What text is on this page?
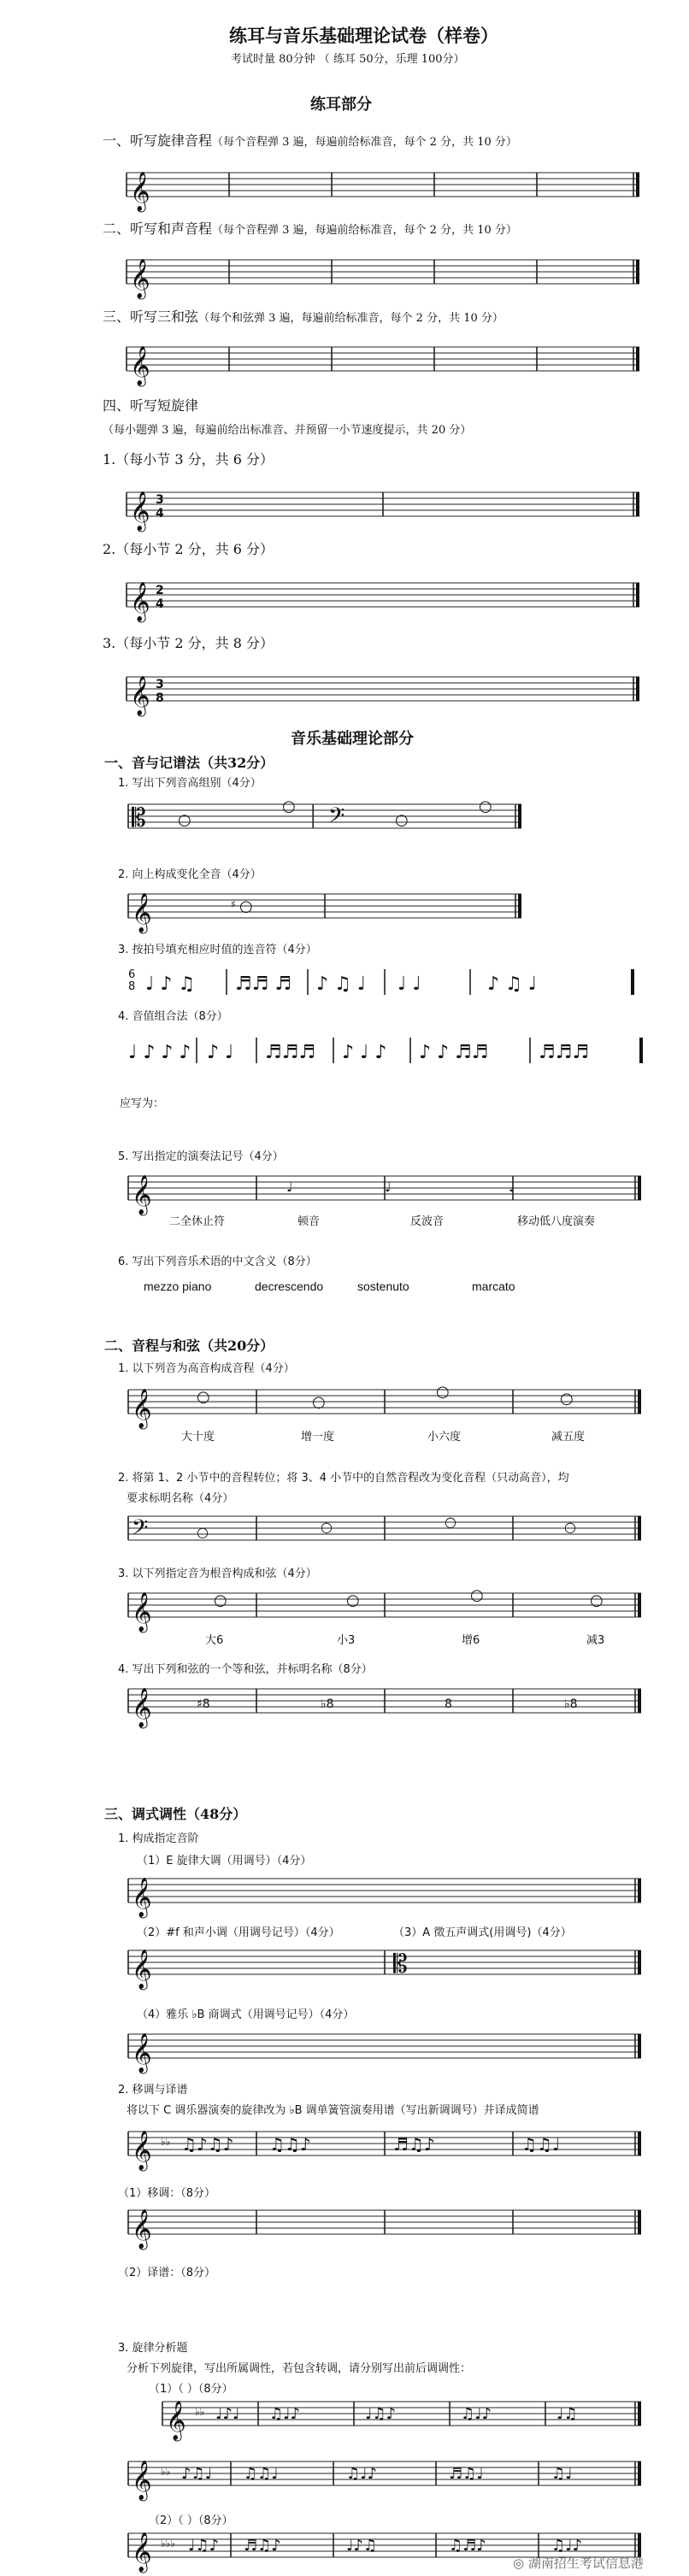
练耳与音乐基础理论试卷（样卷）
考试时量 80分钟 （ 练耳 50分，乐理 100分）
练耳部分
一、听写旋律音程（每个音程弹 3 遍，每遍前给标准音，每个 2 分，共 10 分）
𝄞
二、听写和声音程（每个音程弹 3 遍，每遍前给标准音，每个 2 分，共 10 分）
𝄞
三、听写三和弦（每个和弦弹 3 遍，每遍前给标准音，每个 2 分，共 10 分）
𝄞
四、听写短旋律
（每小题弹 3 遍，每遍前给出标准音、并预留一小节速度提示，共 20 分）
1.（每小节 3 分，共 6 分）
𝄞 3
4
2.（每小节 2 分，共 6 分）
𝄞 2
4
3.（每小节 2 分，共 8 分）
𝄞 3
8
音乐基础理论部分
一、音与记谱法（共32分）
1. 写出下列音高组别（4分）
𝄡	𝄢
○
○
○
○
2. 向上构成变化全音（4分）
𝄞	♯ ○
3. 按拍号填充相应时值的连音符（4分）
6
8 ♩ ♪ ♫ ♬♬ ♬ ♪ ♫ ♩ ♩ ♩	♪ ♫ ♩
4. 音值组合法（8分）
♩ ♪ ♪ ♪ ♪ ♩ ♬♬♬ ♪ ♩ ♪ ♪ ♪ ♬♬	♬♬♬
应写为：
5. 写出指定的演奏法记号（4分）
𝄞	♩	♩	♩
二全休止符	顿音	反波音	移动低八度演奏
6. 写出下列音乐术语的中文含义（8分）
mezzo piano	decrescendo	sostenuto	marcato
二、音程与和弦（共20分）
1. 以下列音为高音构成音程（4分）
𝄞	○	○
○	○
大十度	增一度	小六度	减五度
2. 将第 1、2 小节中的音程转位；将 3、4 小节中的自然音程改为变化音程（只动高音），均
要求标明名称（4分）
𝄢	○	○	○	○
3. 以下列指定音为根音构成和弦（4分）
𝄞	○	○	○	○
大6	小3	增6	减3
4. 写出下列和弦的一个等和弦，并标明名称（8分）
𝄞	♯8	♭8	8	♭8
三、调式调性（48分）
1. 构成指定音阶
（1）E 旋律大调（用调号）（4分）
𝄞
（2）#f 和声小调（用调号记号）（4分）	（3）A 徵五声调式(用调号)（4分）
𝄞	𝄡
（4）雅乐 ♭B 商调式（用调号记号）（4分）
𝄞
2. 移调与译谱
将以下 C 调乐器演奏的旋律改为 ♭B 调单簧管演奏用谱（写出新调调号）并译成简谱
𝄞 ♭♭ ♫♪♫♪ ♫♫♪	♬♫♪	♫♫♩
（1）移调：（8分）
𝄞
（2）译谱：（8分）
3. 旋律分析题
分析下列旋律，写出所属调性，若包含转调，请分别写出前后调调性：
（1）（ ）（8分）
𝄞 ♭♭ ♩♪♩ ♫♩♪	♩♫♪	♫♩♪	♩♫
𝄞 ♭♭ ♪♫♩ ♫♫♩	♫♩♪	♬♫♩	♫♩
（2）（ ）（8分）
𝄞 ♭♭♭ ♩♫♪ ♬♫♪	♩♪♫	♫♬♪	♫♩♪
◎ 湖南招生考试信息港
